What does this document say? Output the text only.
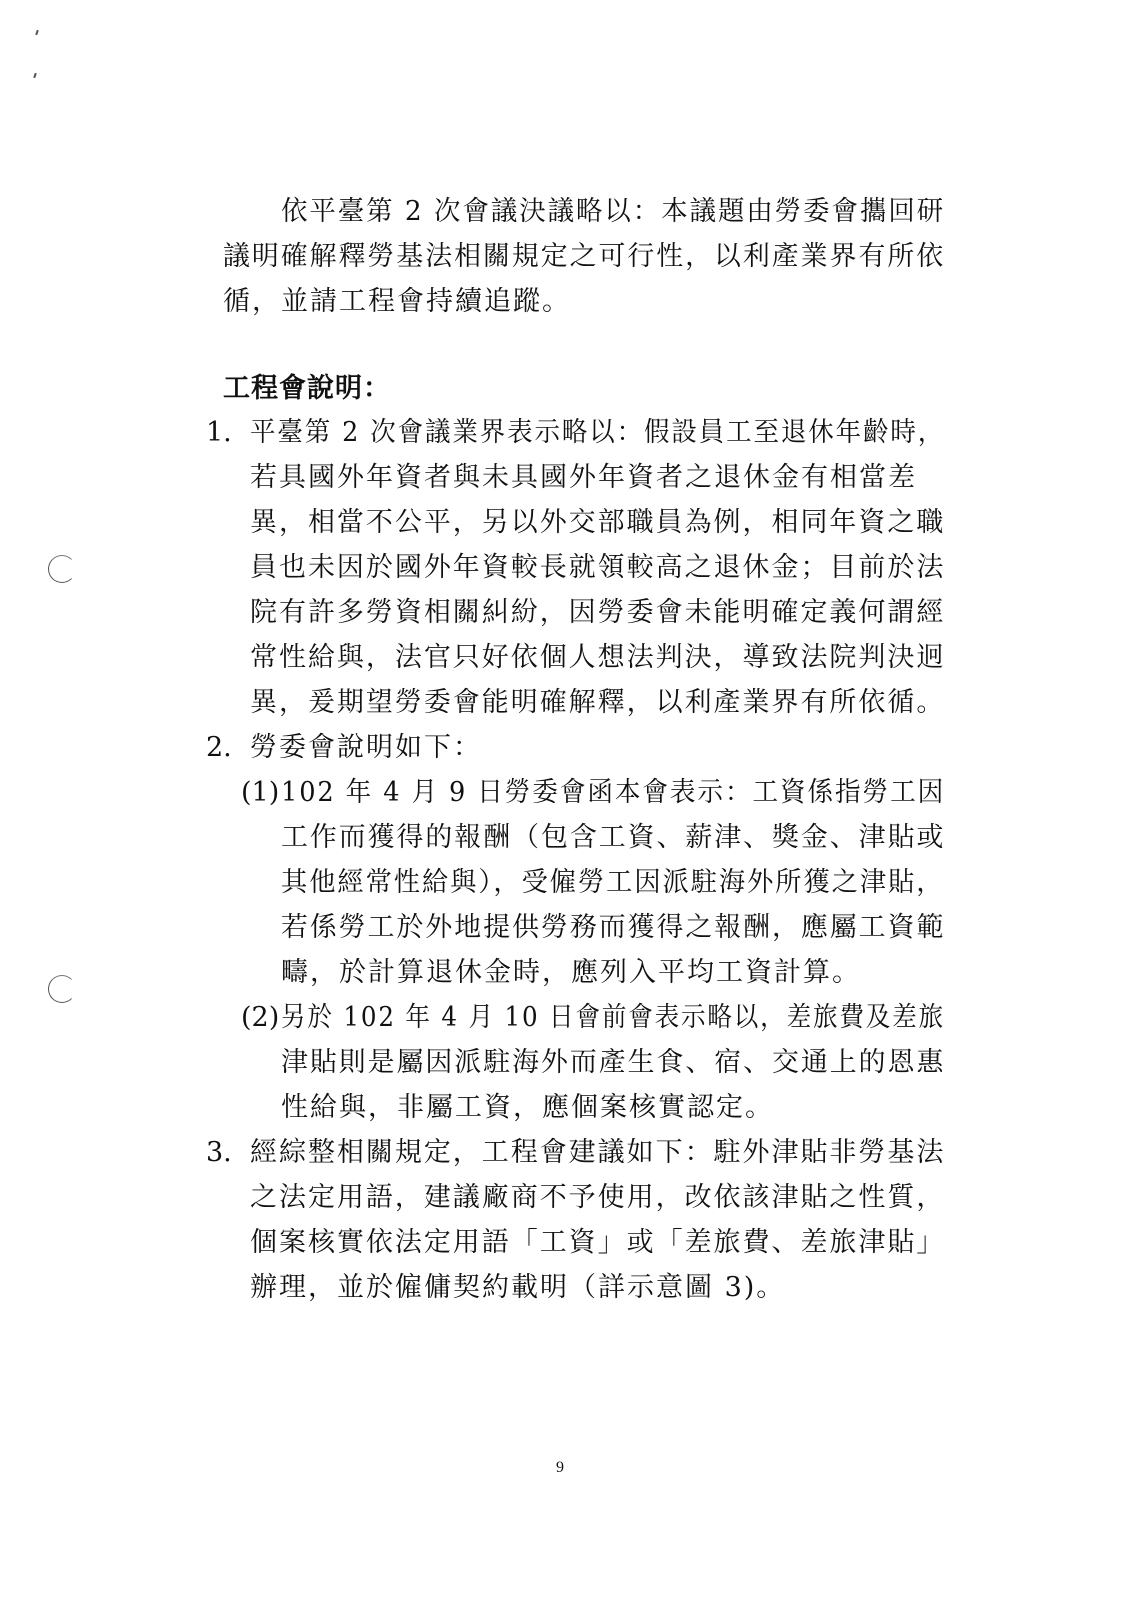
依平臺第 2 次會議決議略以：本議題由勞委會攜回研
議明確解釋勞基法相關規定之可行性，以利產業界有所依
循，並請工程會持續追蹤。
工程會說明：
1. 平臺第 2 次會議業界表示略以：假設員工至退休年齡時，
若具國外年資者與未具國外年資者之退休金有相當差
異，相當不公平，另以外交部職員為例，相同年資之職
員也未因於國外年資較長就領較高之退休金；目前於法
院有許多勞資相關糾紛，因勞委會未能明確定義何謂經
常性給與，法官只好依個人想法判決，導致法院判決迥
異，爰期望勞委會能明確解釋，以利產業界有所依循。
2. 勞委會說明如下：
(1) 102 年 4 月 9 日勞委會函本會表示：工資係指勞工因
工作而獲得的報酬（包含工資、薪津、獎金、津貼或
其他經常性給與），受僱勞工因派駐海外所獲之津貼，
若係勞工於外地提供勞務而獲得之報酬，應屬工資範
疇，於計算退休金時，應列入平均工資計算。
(2) 另於 102 年 4 月 10 日會前會表示略以，差旅費及差旅
津貼則是屬因派駐海外而產生食、宿、交通上的恩惠
性給與，非屬工資，應個案核實認定。
3. 經綜整相關規定，工程會建議如下：駐外津貼非勞基法
之法定用語，建議廠商不予使用，改依該津貼之性質，
個案核實依法定用語「工資」或「差旅費、差旅津貼」
辦理，並於僱傭契約載明（詳示意圖 3)。
9
